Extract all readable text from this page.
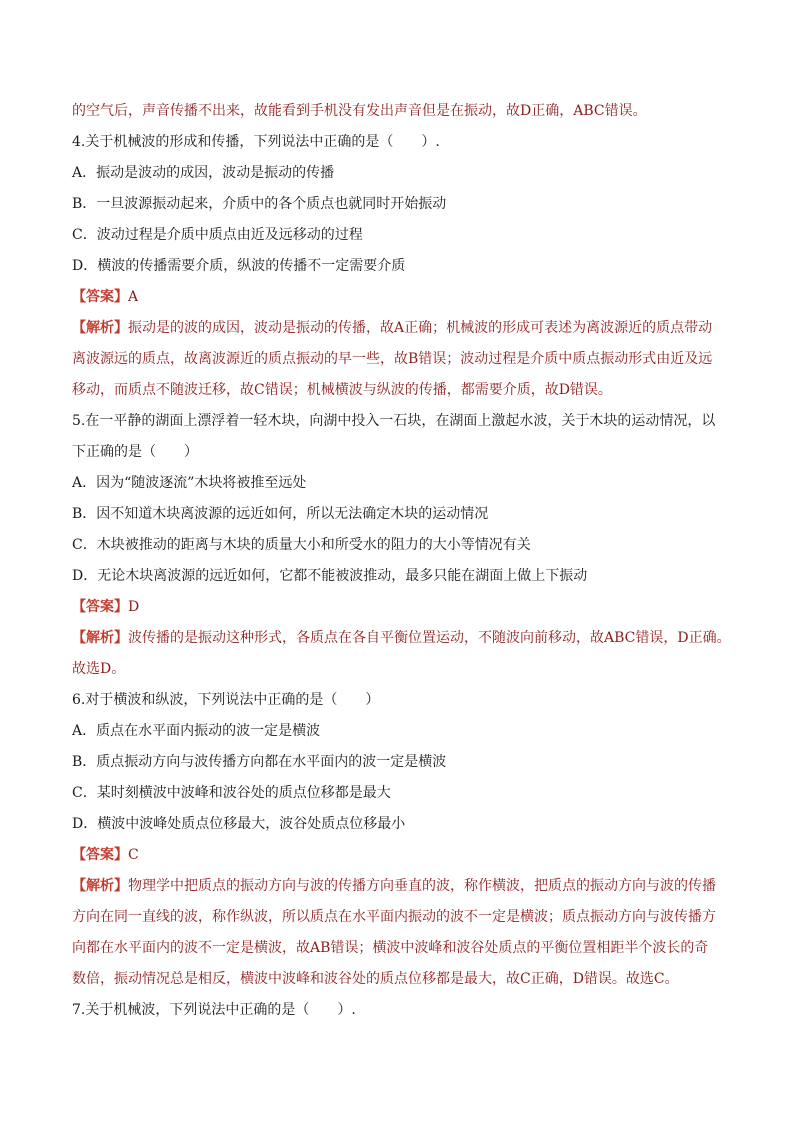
的空气后，声音传播不出来，故能看到手机没有发出声音但是在振动，故D正确，ABC错误。
4.关于机械波的形成和传播，下列说法中正确的是（　　）.
A．振动是波动的成因，波动是振动的传播
B．一旦波源振动起来，介质中的各个质点也就同时开始振动
C．波动过程是介质中质点由近及远移动的过程
D．横波的传播需要介质，纵波的传播不一定需要介质
【答案】A
【解析】振动是的波的成因，波动是振动的传播，故A正确；机械波的形成可表述为离波源近的质点带动
离波源远的质点，故离波源近的质点振动的早一些，故B错误；波动过程是介质中质点振动形式由近及远
移动，而质点不随波迁移，故C错误；机械横波与纵波的传播，都需要介质，故D错误。
5.在一平静的湖面上漂浮着一轻木块，向湖中投入一石块，在湖面上激起水波，关于木块的运动情况，以
下正确的是（　　）
A．因为“随波逐流”木块将被推至远处
B．因不知道木块离波源的远近如何，所以无法确定木块的运动情况
C．木块被推动的距离与木块的质量大小和所受水的阻力的大小等情况有关
D．无论木块离波源的远近如何，它都不能被波推动，最多只能在湖面上做上下振动
【答案】D
【解析】波传播的是振动这种形式，各质点在各自平衡位置运动，不随波向前移动，故ABC错误，D正确。
故选D。
6.对于横波和纵波，下列说法中正确的是（　　）
A．质点在水平面内振动的波一定是横波
B．质点振动方向与波传播方向都在水平面内的波一定是横波
C．某时刻横波中波峰和波谷处的质点位移都是最大
D．横波中波峰处质点位移最大，波谷处质点位移最小
【答案】C
【解析】物理学中把质点的振动方向与波的传播方向垂直的波，称作横波，把质点的振动方向与波的传播
方向在同一直线的波，称作纵波，所以质点在水平面内振动的波不一定是横波；质点振动方向与波传播方
向都在水平面内的波不一定是横波，故AB错误；横波中波峰和波谷处质点的平衡位置相距半个波长的奇
数倍，振动情况总是相反，横波中波峰和波谷处的质点位移都是最大，故C正确，D错误。故选C。
7.关于机械波，下列说法中正确的是（　　）.
